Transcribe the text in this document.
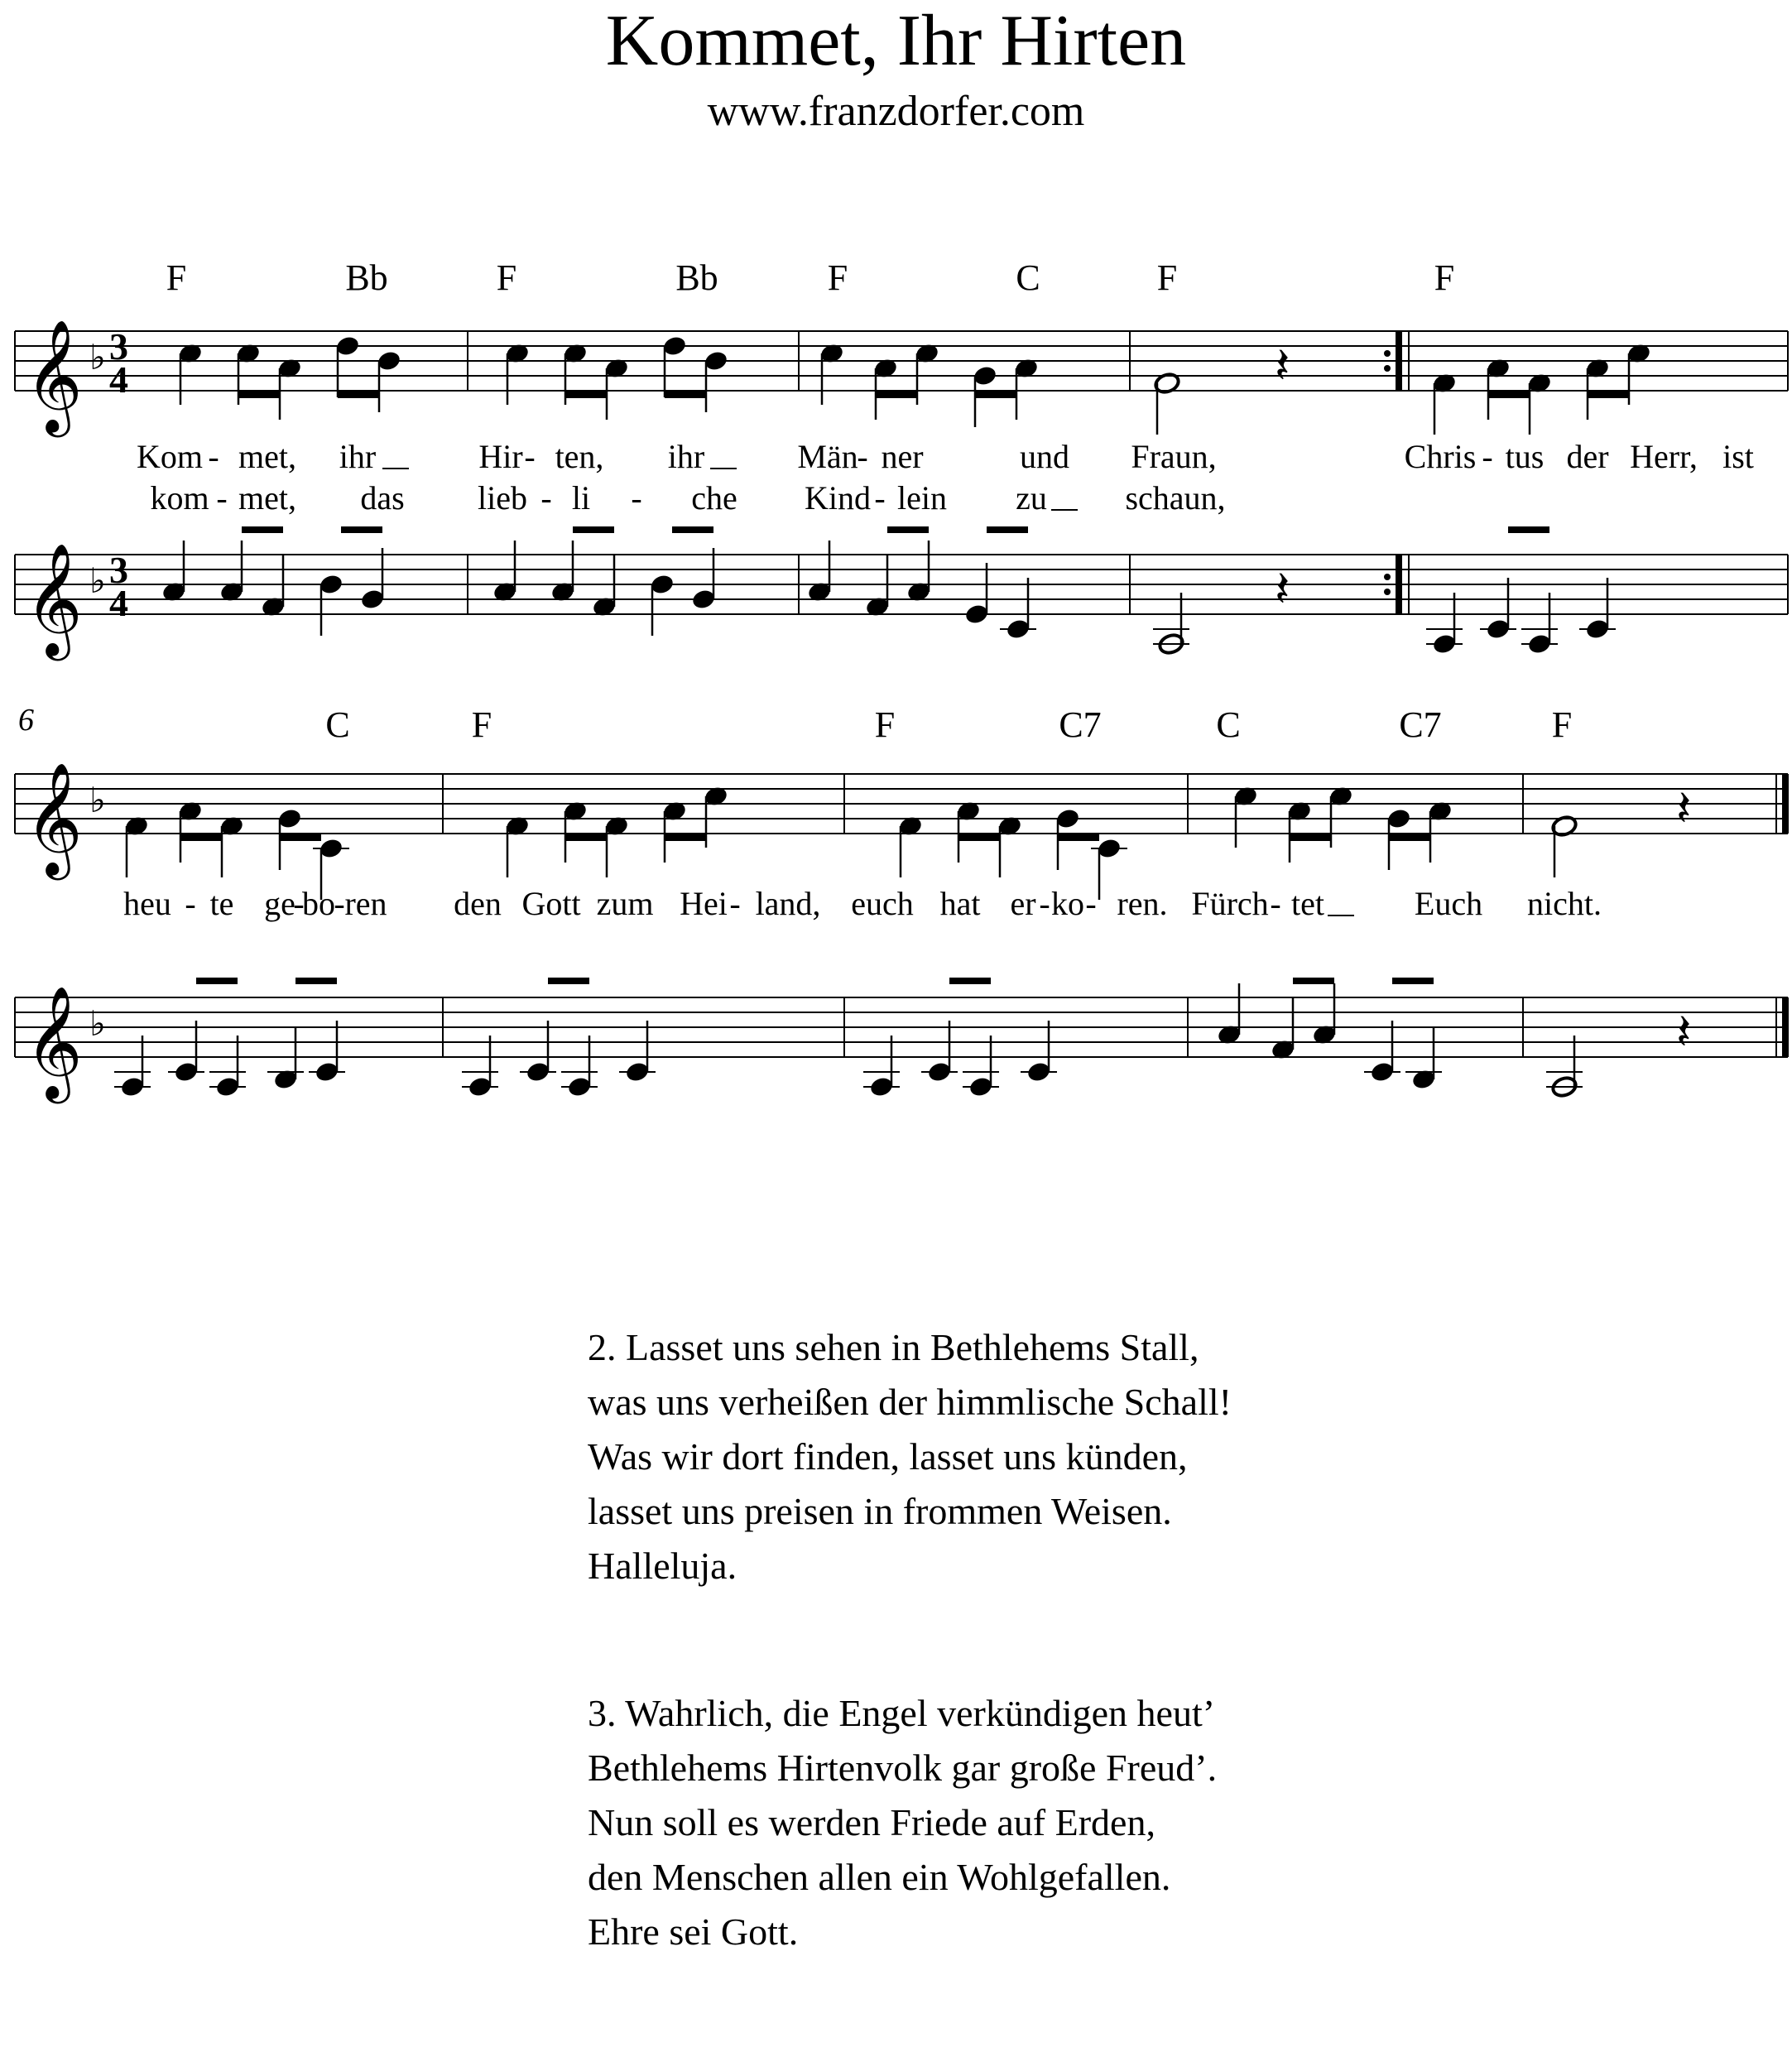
Kommet, Ihr Hirten
www.franzdorfer.com
F	Bb	F	Bb	F	C	F	F
6	C	F	F	C7	C	C7	F
Kom - met, ihr	Hir - ten, ihr	Män
- ner	und Fraun,	Chris - tus der Herr, ist
kom - met, das lieb - li - che Kind - lein zu schaun,
heu - te ge
-
bo
- ren den Gott zum Hei - land, euch hat er - ko - ren. Fürch - tet	Euch nicht.
𝄞 ♭ 3
4
𝄞 ♭ 3
4
𝄞 ♭
𝄞 ♭
𝄽
𝄽
𝄽
𝄽
2. Lasset uns sehen in Bethlehems Stall,
was uns verheißen der himmlische Schall!
Was wir dort finden, lasset uns künden,
lasset uns preisen in frommen Weisen.
Halleluja.
3. Wahrlich, die Engel verkündigen heut’
Bethlehems Hirtenvolk gar große Freud’.
Nun soll es werden Friede auf Erden,
den Menschen allen ein Wohlgefallen.
Ehre sei Gott.
